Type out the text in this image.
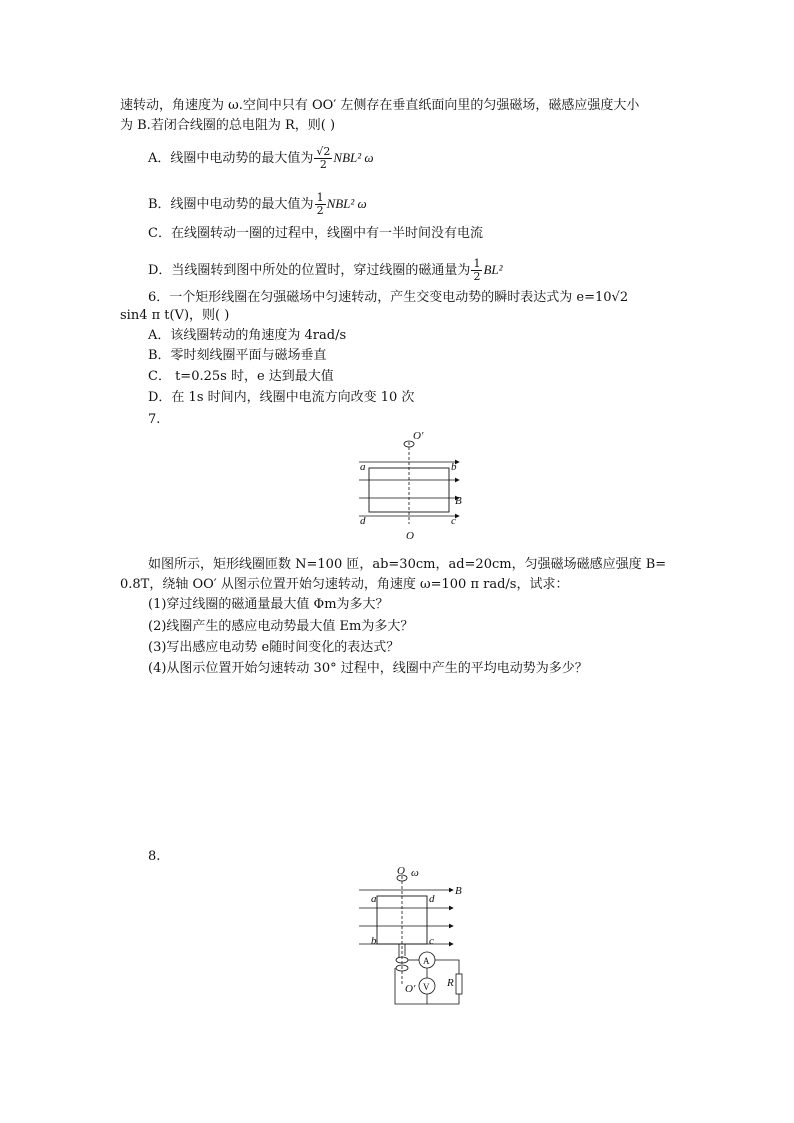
速转动，角速度为 ω.空间中只有 OO′ 左侧存在垂直纸面向里的匀强磁场，磁感应强度大小
为 B.若闭合线圈的总电阻为 R，则( )
A．线圈中电动势的最大值为 $\frac{√2}{2} NBL^2$ ω
B．线圈中电动势的最大值为 $\frac{1}{2} NBL^2$ ω
C．在线圈转动一圈的过程中，线圈中有一半时间没有电流
D．当线圈转到图中所处的位置时，穿过线圈的磁通量为 $\frac{1}{2} BL^2$
6．一个矩形线圈在匀强磁场中匀速转动，产生交变电动势的瞬时表达式为 e=10√2
sin4 π t(V)，则( )
A．该线圈转动的角速度为 4rad/s
B．零时刻线圈平面与磁场垂直
C． t=0.25s 时，e 达到最大值
D．在 1s 时间内，线圈中电流方向改变 10 次
7.
O′
a	b
B
d	c
O
如图所示，矩形线圈匝数 N=100 匝，ab=30cm，ad=20cm，匀强磁场磁感应强度 B=
0.8T，绕轴 OO′ 从图示位置开始匀速转动，角速度 ω=100 π rad/s，试求：
(1)穿过线圈的磁通量最大值 Φm为多大？
(2)线圈产生的感应电动势最大值 Em为多大？
(3)写出感应电动势 e随时间变化的表达式？
(4)从图示位置开始匀速转动 30° 过程中，线圈中产生的平均电动势为多少？
8.
O ω
B
a	d
b	c
A
V R
O′
